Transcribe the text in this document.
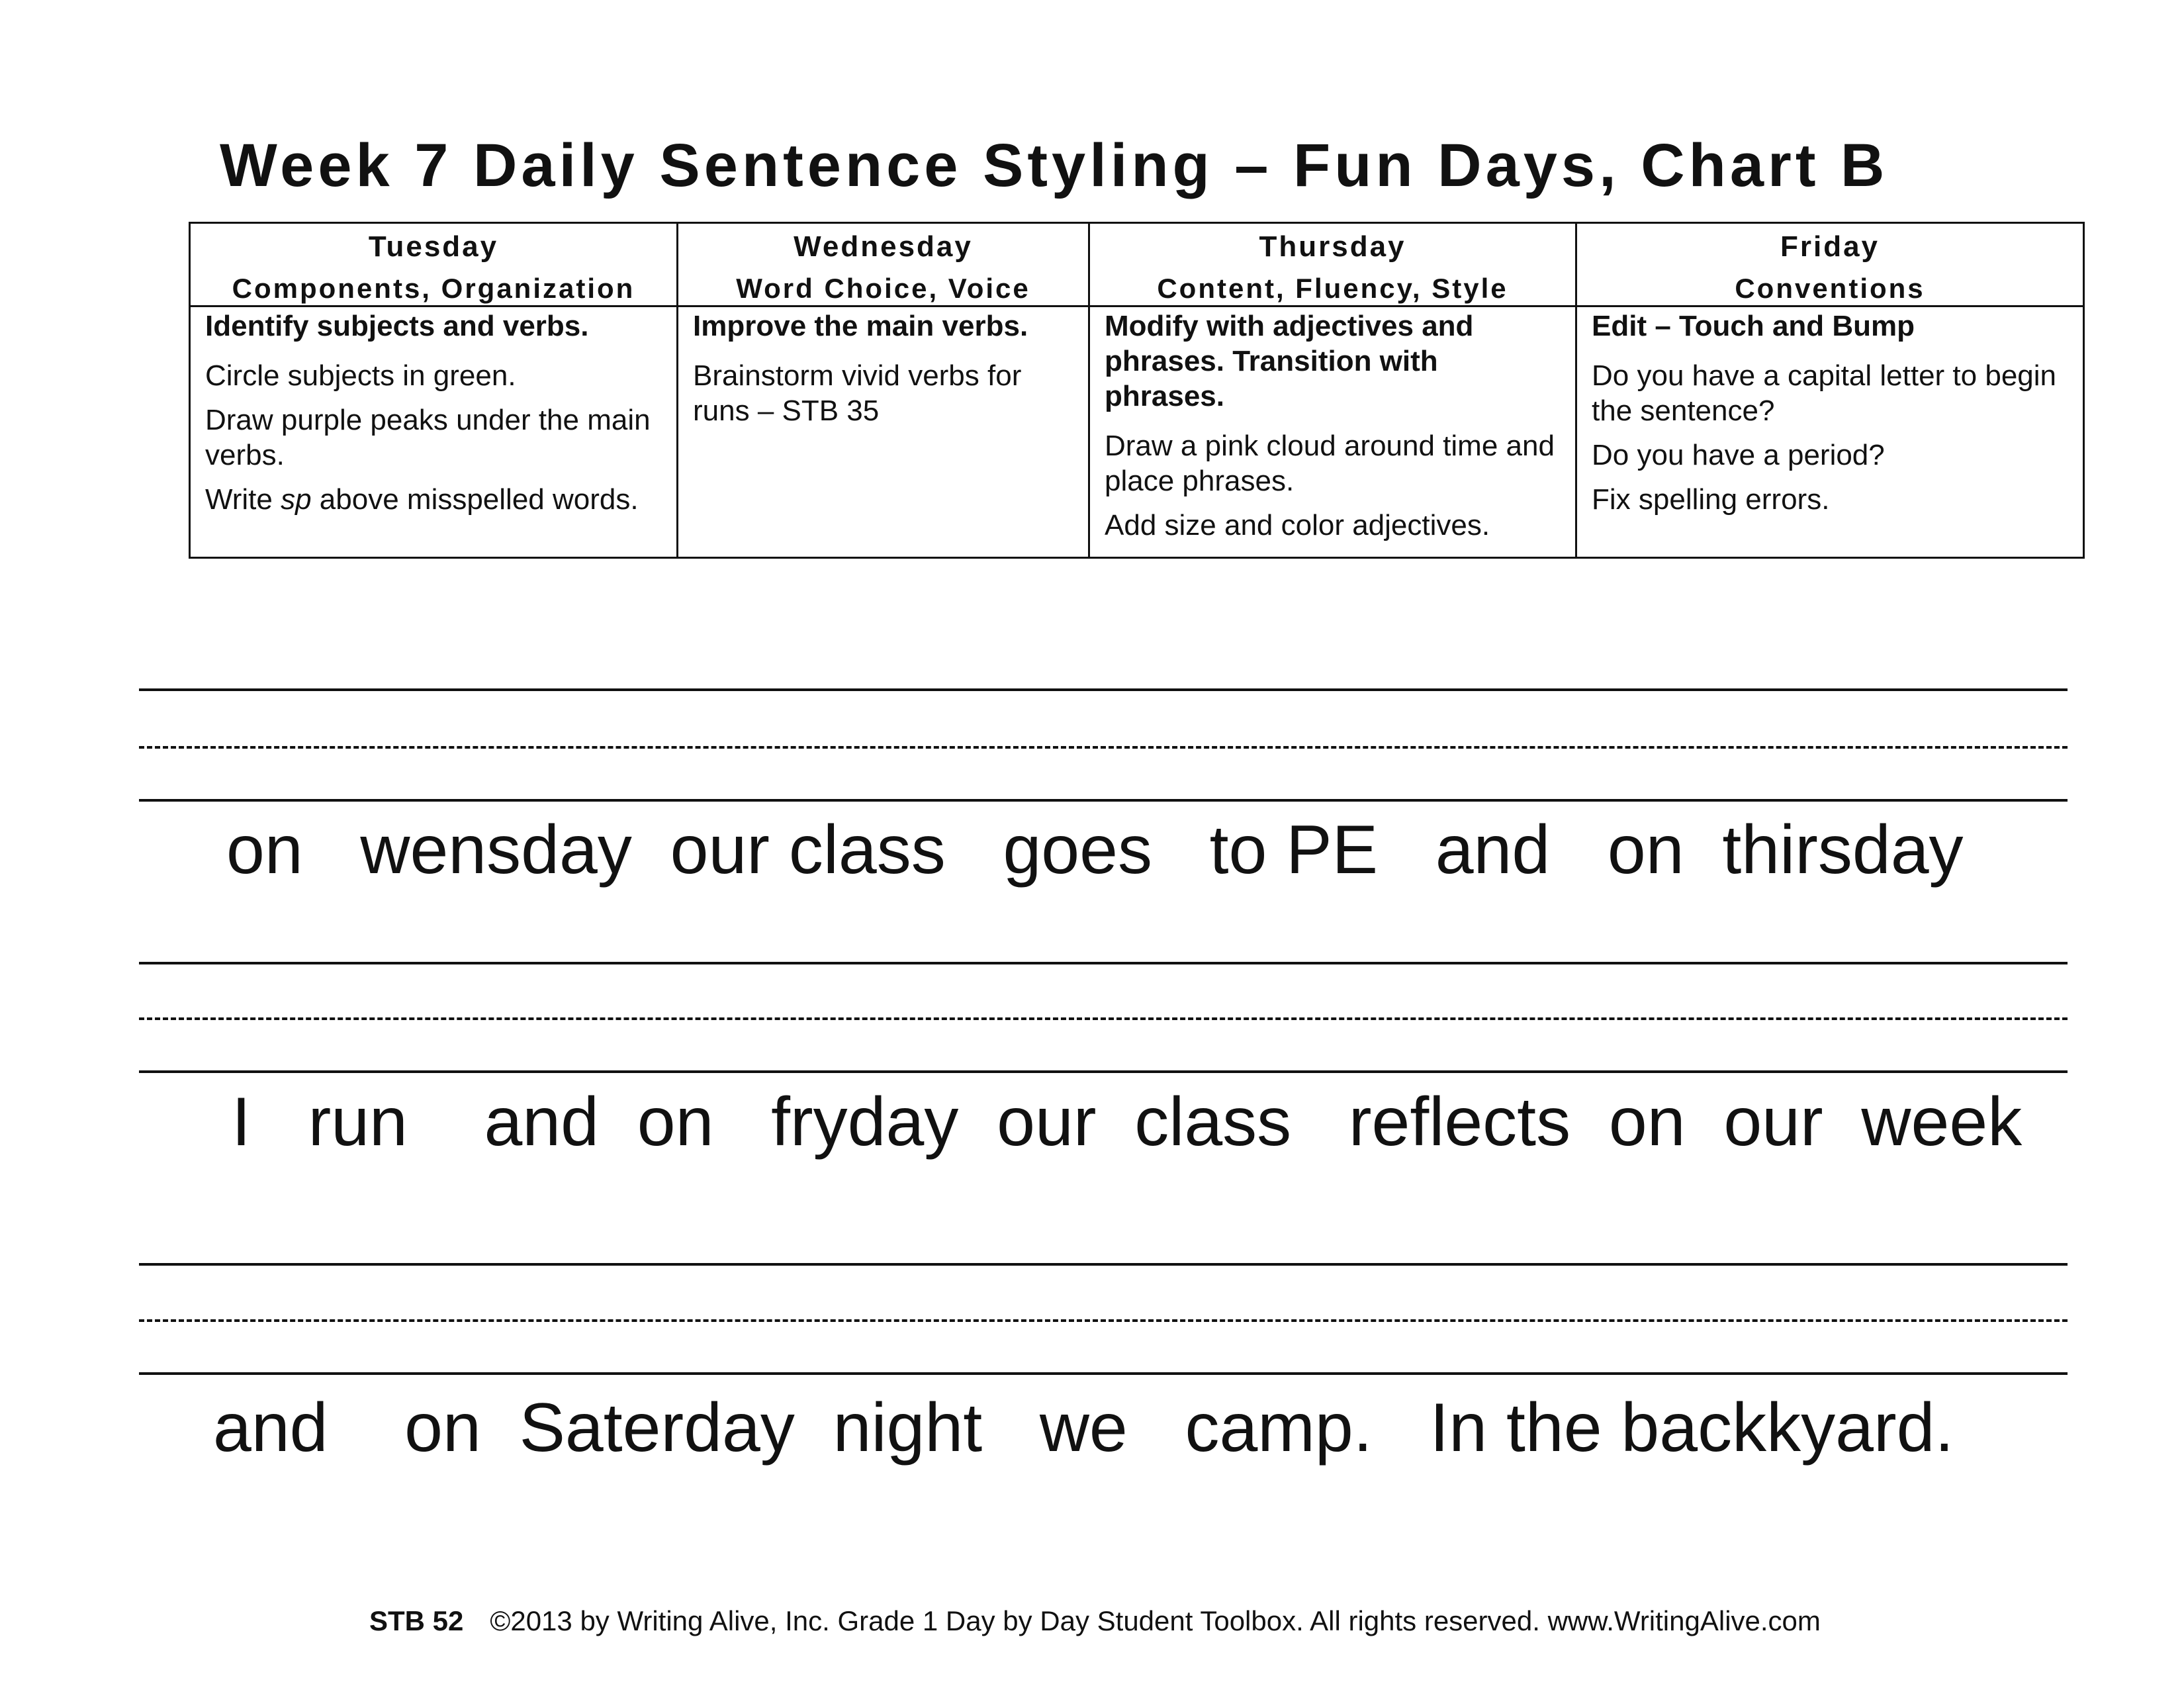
Week 7 Daily Sentence Styling – Fun Days, Chart B
Tuesday
Components, Organization

Identify subjects and verbs.

Circle subjects in green.

Draw purple peaks under the main verbs.

Write sp above misspelled words.

Wednesday
Word Choice, Voice

Improve the main verbs.

Brainstorm vivid verbs for runs – STB 35

Thursday
Content, Fluency, Style

Modify with adjectives and phrases. Transition with phrases.

Draw a pink cloud around time and place phrases.

Add size and color adjectives.

Friday
Conventions

Edit – Touch and Bump

Do you have a capital letter to begin the sentence?

Do you have a period?

Fix spelling errors.

on   wensday  our class   goes   to PE   and   on  thirsday
I   run    and  on   fryday  our  class   reflects  on  our  week
and    on  Saterday  night   we   camp.   In the backkyard.
STB 52 ©2013 by Writing Alive, Inc. Grade 1 Day by Day Student Toolbox. All rights reserved. www.WritingAlive.com
